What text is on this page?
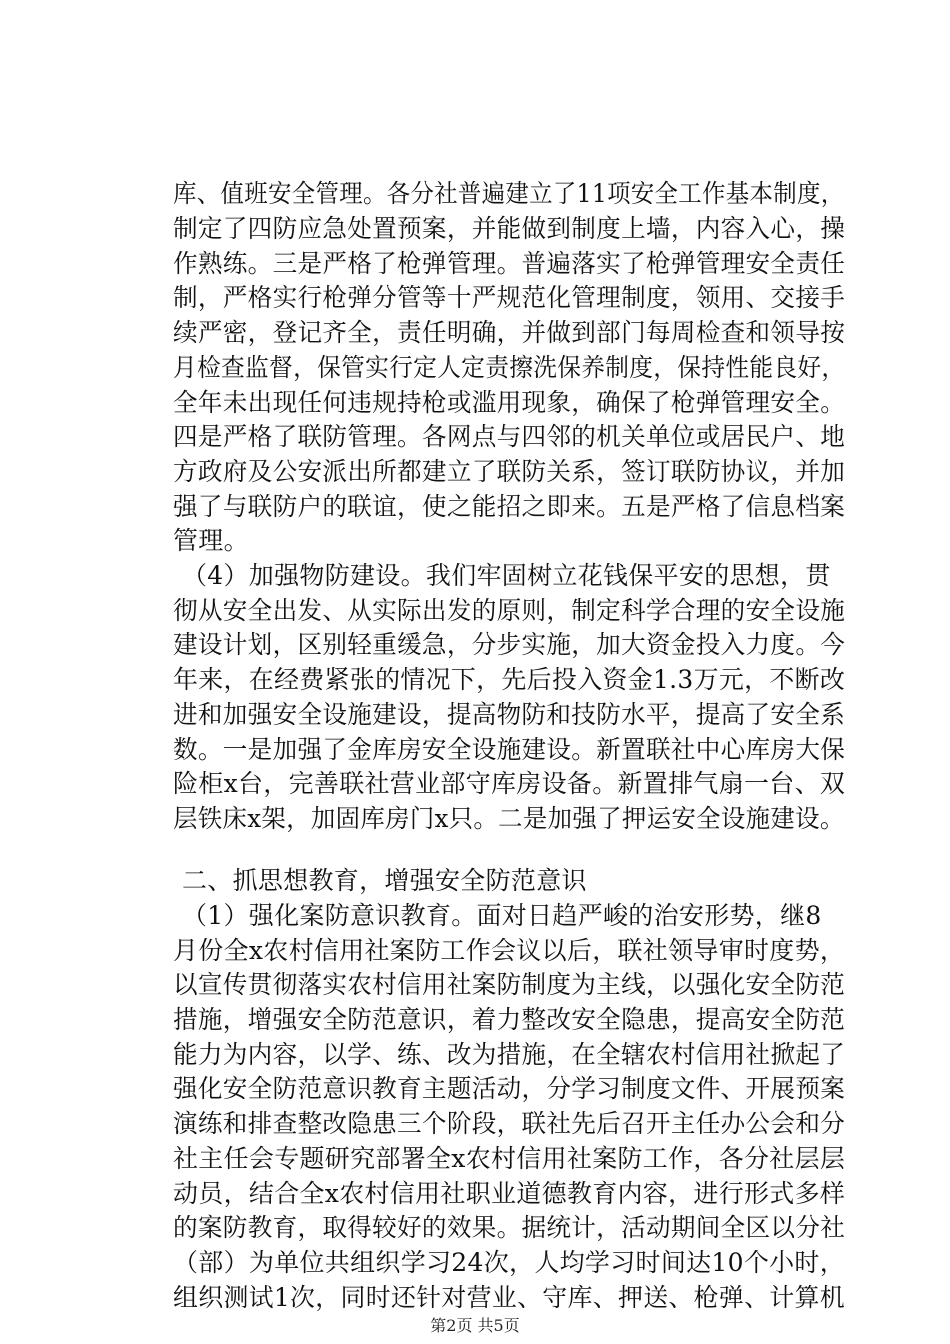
库、值班安全管理。各分社普遍建立了11项安全工作基本制度，
制定了四防应急处置预案，并能做到制度上墙，内容入心，操
作熟练。三是严格了枪弹管理。普遍落实了枪弹管理安全责任
制，严格实行枪弹分管等十严规范化管理制度，领用、交接手
续严密，登记齐全，责任明确，并做到部门每周检查和领导按
月检查监督，保管实行定人定责擦洗保养制度，保持性能良好，
全年未出现任何违规持枪或滥用现象，确保了枪弹管理安全。
四是严格了联防管理。各网点与四邻的机关单位或居民户、地
方政府及公安派出所都建立了联防关系，签订联防协议，并加
强了与联防户的联谊，使之能招之即来。五是严格了信息档案
管理。
（4）加强物防建设。我们牢固树立花钱保平安的思想，贯
彻从安全出发、从实际出发的原则，制定科学合理的安全设施
建设计划，区别轻重缓急，分步实施，加大资金投入力度。今
年来，在经费紧张的情况下，先后投入资金1.3万元，不断改
进和加强安全设施建设，提高物防和技防水平，提高了安全系
数。一是加强了金库房安全设施建设。新置联社中心库房大保
险柜x台，完善联社营业部守库房设备。新置排气扇一台、双
层铁床x架，加固库房门x只。二是加强了押运安全设施建设。
二、抓思想教育，增强安全防范意识
（1）强化案防意识教育。面对日趋严峻的治安形势，继8
月份全x农村信用社案防工作会议以后，联社领导审时度势，
以宣传贯彻落实农村信用社案防制度为主线，以强化安全防范
措施，增强安全防范意识，着力整改安全隐患，提高安全防范
能力为内容，以学、练、改为措施，在全辖农村信用社掀起了
强化安全防范意识教育主题活动，分学习制度文件、开展预案
演练和排查整改隐患三个阶段，联社先后召开主任办公会和分
社主任会专题研究部署全x农村信用社案防工作，各分社层层
动员，结合全x农村信用社职业道德教育内容，进行形式多样
的案防教育，取得较好的效果。据统计，活动期间全区以分社
（部）为单位共组织学习24次，人均学习时间达10个小时，
组织测试1次，同时还针对营业、守库、押送、枪弹、计算机
第2页 共5页
